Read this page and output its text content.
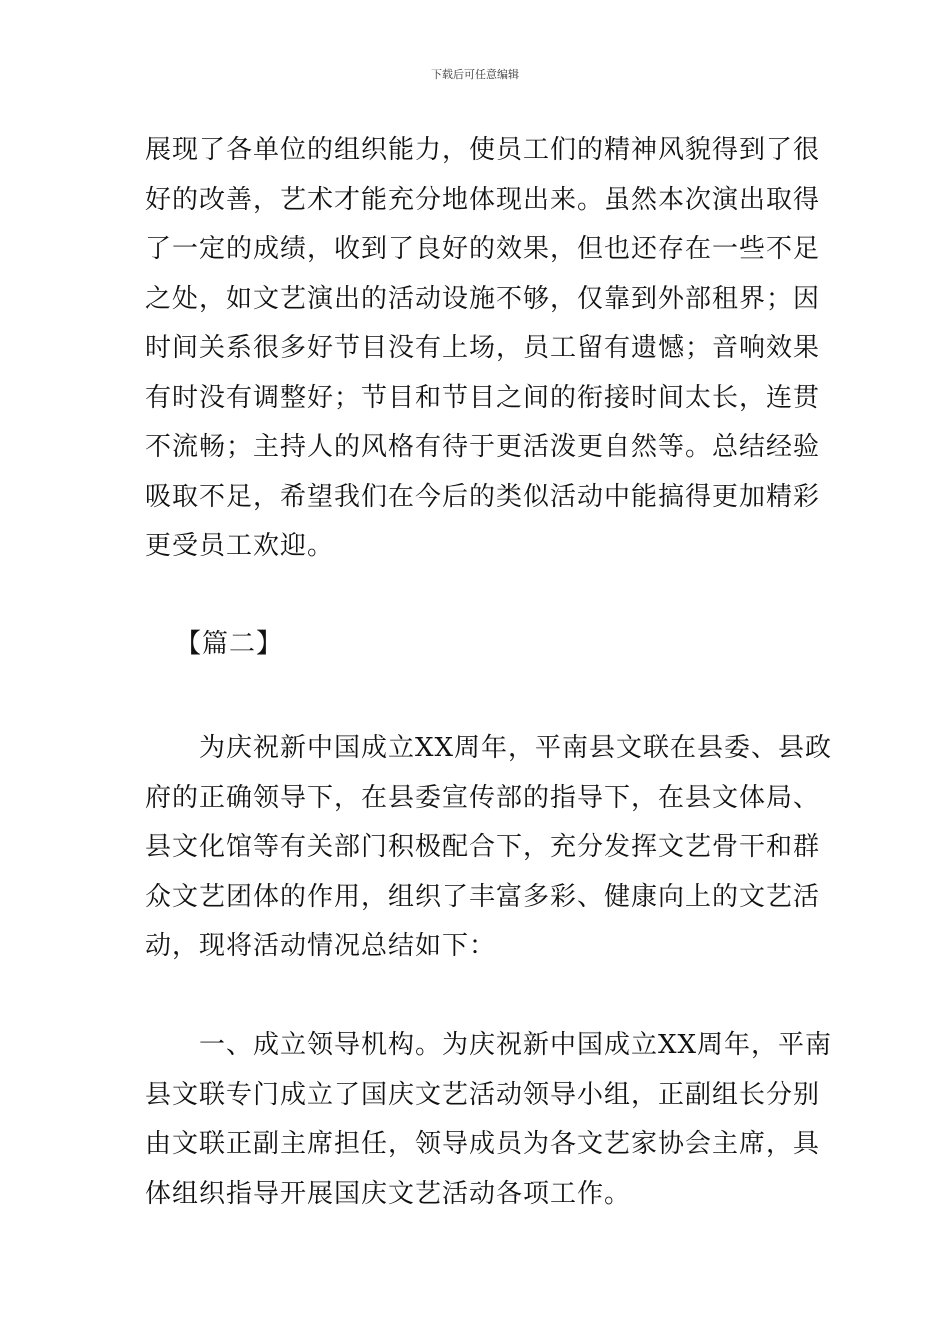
下载后可任意编辑
展现了各单位的组织能力，使员工们的精神风貌得到了很
好的改善，艺术才能充分地体现出来。虽然本次演出取得
了一定的成绩，收到了良好的效果，但也还存在一些不足
之处，如文艺演出的活动设施不够，仅靠到外部租界；因
时间关系很多好节目没有上场，员工留有遗憾；音响效果
有时没有调整好；节目和节目之间的衔接时间太长，连贯
不流畅；主持人的风格有待于更活泼更自然等。总结经验
吸取不足，希望我们在今后的类似活动中能搞得更加精彩
更受员工欢迎。
【篇二】
为庆祝新中国成立XX周年，平南县文联在县委、县政
府的正确领导下，在县委宣传部的指导下，在县文体局、
县文化馆等有关部门积极配合下，充分发挥文艺骨干和群
众文艺团体的作用，组织了丰富多彩、健康向上的文艺活
动，现将活动情况总结如下：
一、成立领导机构。为庆祝新中国成立XX周年，平南
县文联专门成立了国庆文艺活动领导小组，正副组长分别
由文联正副主席担任，领导成员为各文艺家协会主席，具
体组织指导开展国庆文艺活动各项工作。
